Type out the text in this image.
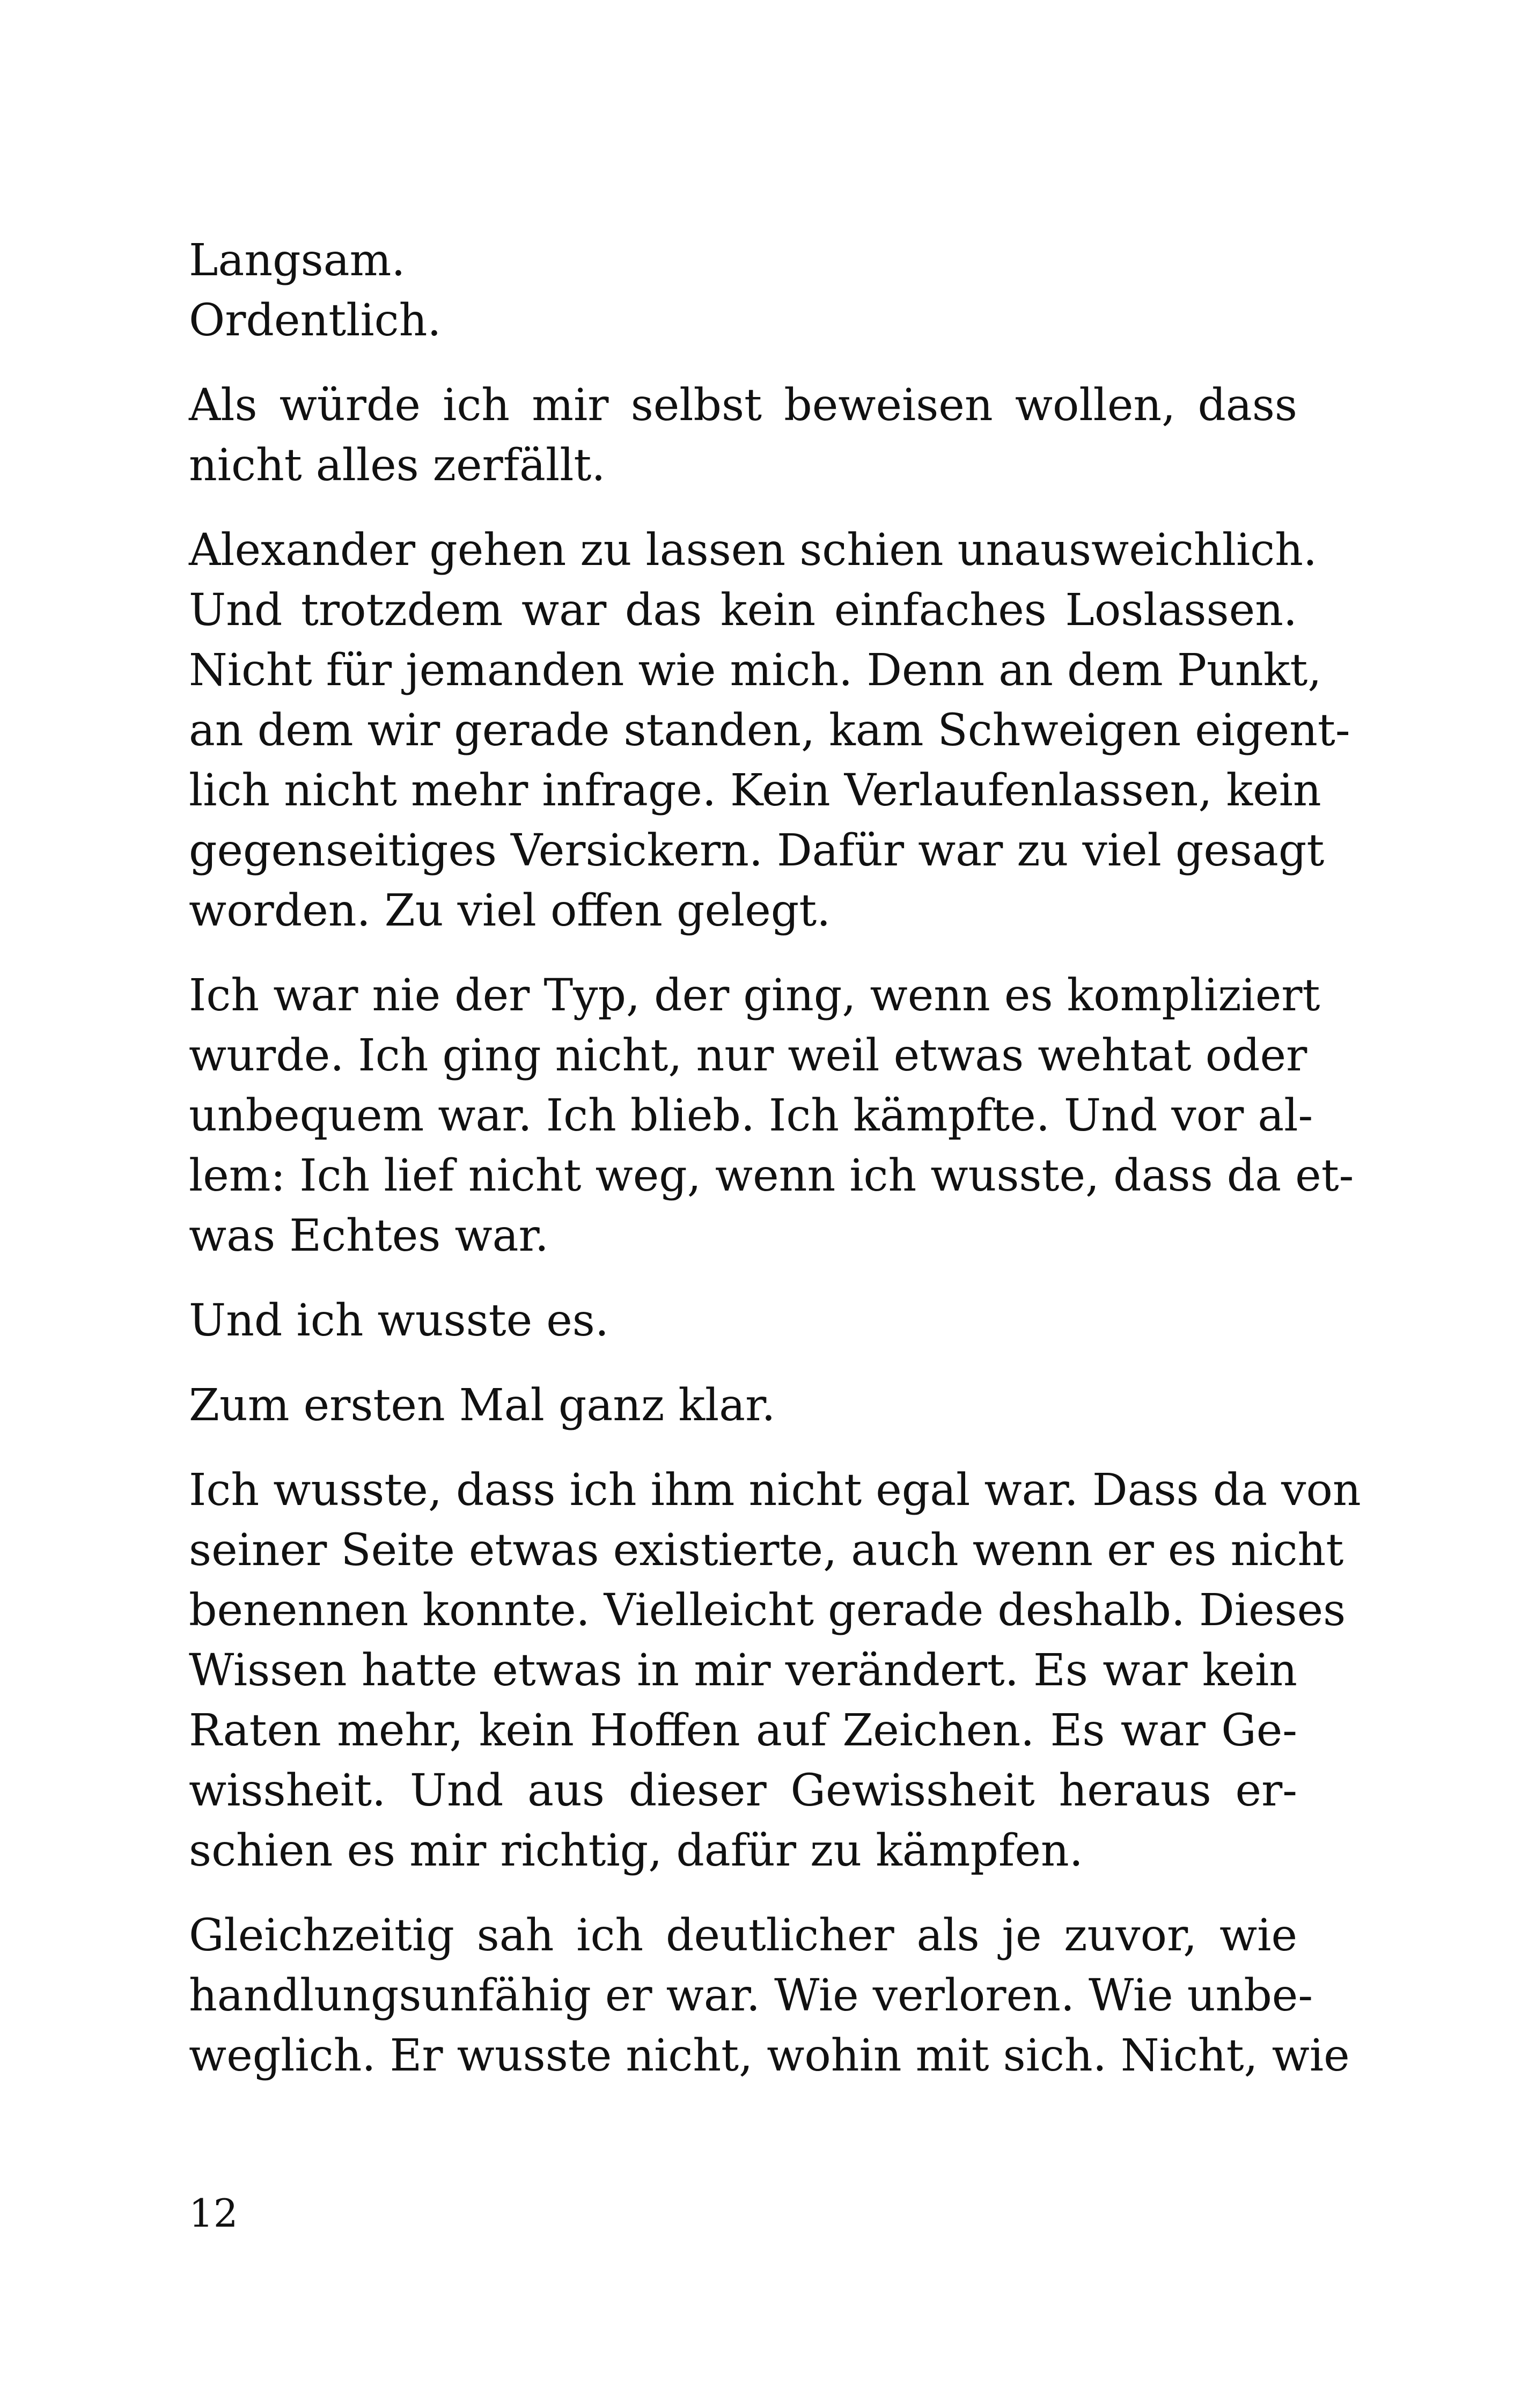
Langsam.
Ordentlich.
Als würde ich mir selbst beweisen wollen, dass
nicht alles zerfällt.
Alexander gehen zu lassen schien unausweichlich.
Und trotzdem war das kein einfaches Loslassen.
Nicht für jemanden wie mich. Denn an dem Punkt,
an dem wir gerade standen, kam Schweigen eigent-
lich nicht mehr infrage. Kein Verlaufenlassen, kein
gegenseitiges Versickern. Dafür war zu viel gesagt
worden. Zu viel offen gelegt.
Ich war nie der Typ, der ging, wenn es kompliziert
wurde. Ich ging nicht, nur weil etwas wehtat oder
unbequem war. Ich blieb. Ich kämpfte. Und vor al-
lem: Ich lief nicht weg, wenn ich wusste, dass da et-
was Echtes war.
Und ich wusste es.
Zum ersten Mal ganz klar.
Ich wusste, dass ich ihm nicht egal war. Dass da von
seiner Seite etwas existierte, auch wenn er es nicht
benennen konnte. Vielleicht gerade deshalb. Dieses
Wissen hatte etwas in mir verändert. Es war kein
Raten mehr, kein Hoffen auf Zeichen. Es war Ge-
wissheit. Und aus dieser Gewissheit heraus er-
schien es mir richtig, dafür zu kämpfen.
Gleichzeitig sah ich deutlicher als je zuvor, wie
handlungsunfähig er war. Wie verloren. Wie unbe-
weglich. Er wusste nicht, wohin mit sich. Nicht, wie
12
